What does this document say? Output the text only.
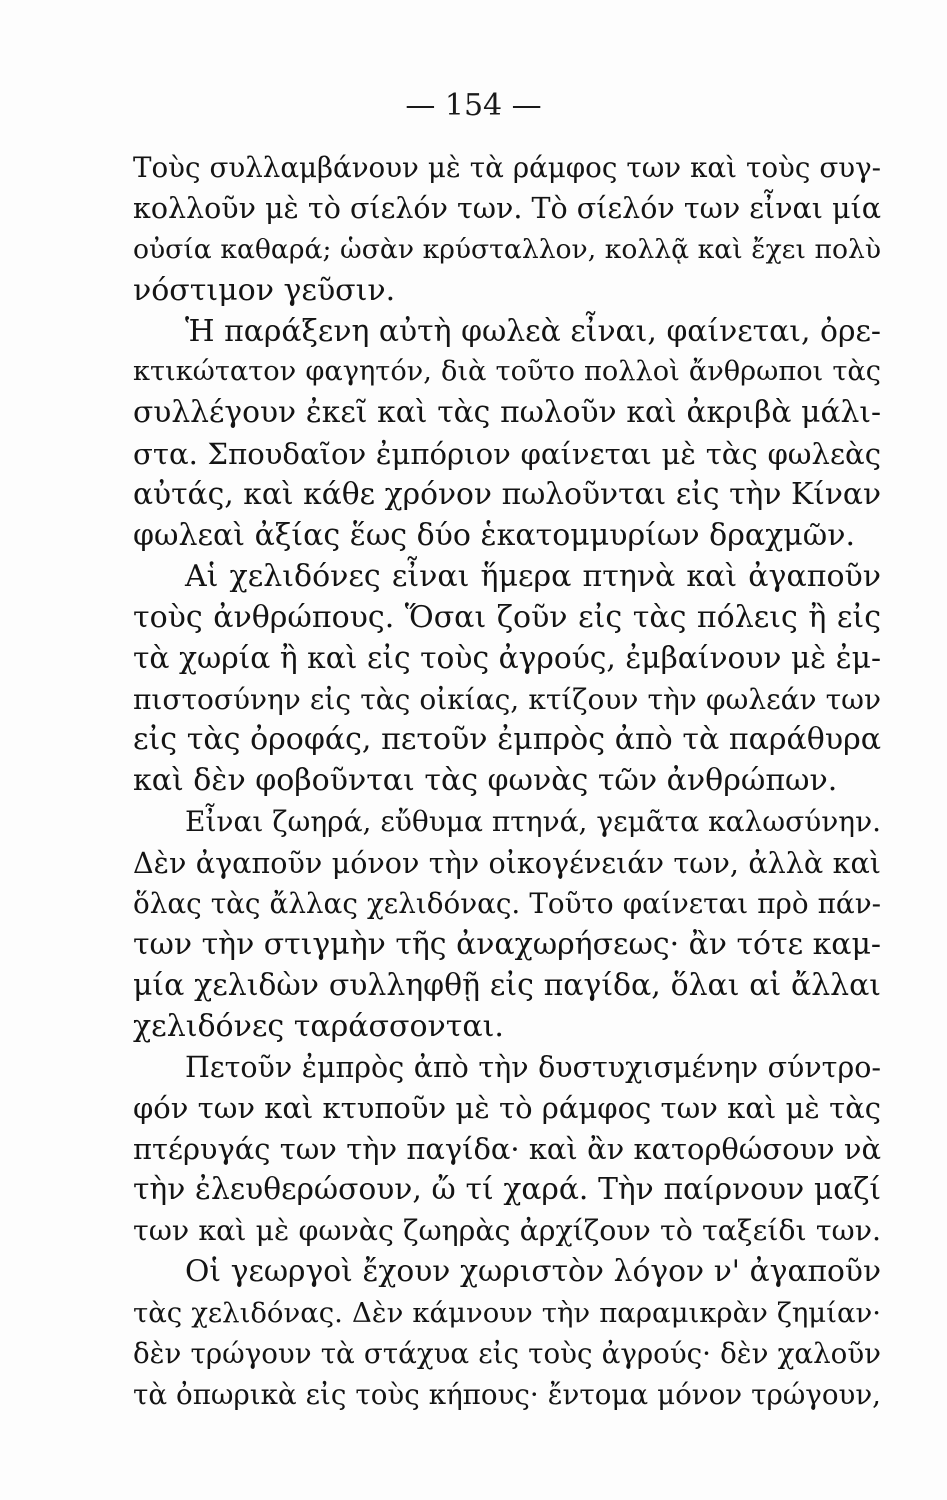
— 154 —
Τοὺς συλλαμβάνουν μὲ τὰ ράμφος των καὶ τοὺς συγ-
κολλοῦν μὲ τὸ σίελόν των. Τὸ σίελόν των εἶναι μία
οὐσία καθαρά; ὡσὰν κρύσταλλον, κολλᾷ καὶ ἔχει πολὺ
νόστιμον γεῦσιν.
Ἡ παράξενη αὐτὴ φωλεὰ εἶναι, φαίνεται, ὀρε-
κτικώτατον φαγητόν, διὰ τοῦτο πολλοὶ ἄνθρωποι τὰς
συλλέγουν ἐκεῖ καὶ τὰς πωλοῦν καὶ ἀκριβὰ μάλι-
στα. Σπουδαῖον ἐμπόριον φαίνεται μὲ τὰς φωλεὰς
αὐτάς, καὶ κάθε χρόνον πωλοῦνται εἰς τὴν Κίναν
φωλεαὶ ἀξίας ἕως δύο ἑκατομμυρίων δραχμῶν.
Αἱ χελιδόνες εἶναι ἥμερα πτηνὰ καὶ ἀγαποῦν
τοὺς ἀνθρώπους. Ὅσαι ζοῦν εἰς τὰς πόλεις ἢ εἰς
τὰ χωρία ἢ καὶ εἰς τοὺς ἀγρούς, ἐμβαίνουν μὲ ἐμ-
πιστοσύνην εἰς τὰς οἰκίας, κτίζουν τὴν φωλεάν των
εἰς τὰς ὀροφάς, πετοῦν ἐμπρὸς ἀπὸ τὰ παράθυρα
καὶ δὲν φοβοῦνται τὰς φωνὰς τῶν ἀνθρώπων.
Εἶναι ζωηρά, εὔθυμα πτηνά, γεμᾶτα καλωσύνην.
Δὲν ἀγαποῦν μόνον τὴν οἰκογένειάν των, ἀλλὰ καὶ
ὅλας τὰς ἄλλας χελιδόνας. Τοῦτο φαίνεται πρὸ πάν-
των τὴν στιγμὴν τῆς ἀναχωρήσεως· ἂν τότε καμ-
μία χελιδὼν συλληφθῇ εἰς παγίδα, ὅλαι αἱ ἄλλαι
χελιδόνες ταράσσονται.
Πετοῦν ἐμπρὸς ἀπὸ τὴν δυστυχισμένην σύντρο-
φόν των καὶ κτυποῦν μὲ τὸ ράμφος των καὶ μὲ τὰς
πτέρυγάς των τὴν παγίδα· καὶ ἂν κατορθώσουν νὰ
τὴν ἐλευθερώσουν, ὤ τί χαρά. Τὴν παίρνουν μαζί
των καὶ μὲ φωνὰς ζωηρὰς ἀρχίζουν τὸ ταξείδι των.
Οἱ γεωργοὶ ἔχουν χωριστὸν λόγον ν' ἀγαποῦν
τὰς χελιδόνας. Δὲν κάμνουν τὴν παραμικρὰν ζημίαν·
δὲν τρώγουν τὰ στάχυα εἰς τοὺς ἀγρούς· δὲν χαλοῦν
τὰ ὀπωρικὰ εἰς τοὺς κήπους· ἔντομα μόνον τρώγουν,
